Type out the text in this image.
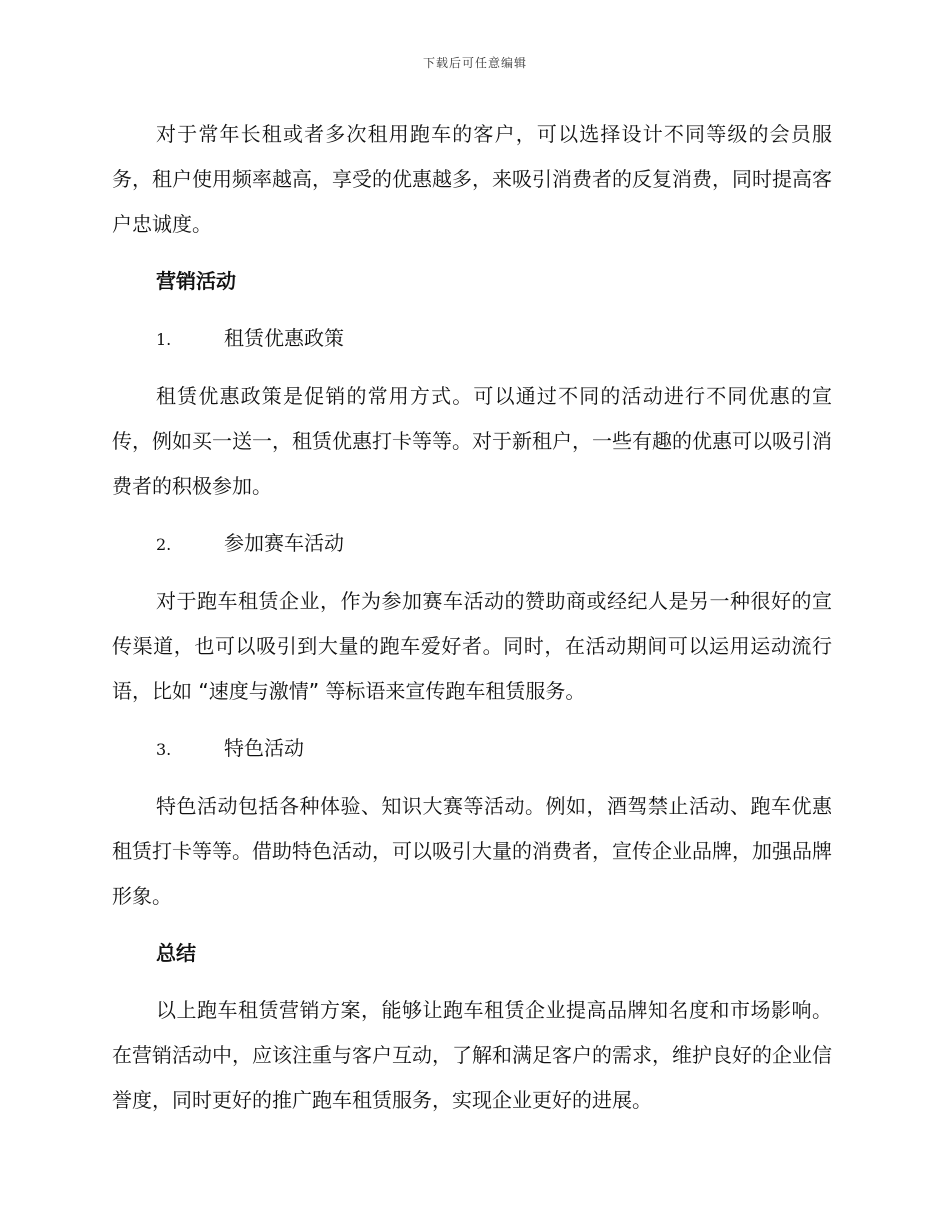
下载后可任意编辑

对于常年长租或者多次租用跑车的客户，可以选择设计不同等级的会员服务，租户使用频率越高，享受的优惠越多，来吸引消费者的反复消费，同时提高客户忠诚度。

营销活动
1.	租赁优惠政策

租赁优惠政策是促销的常用方式。可以通过不同的活动进行不同优惠的宣传，例如买一送一，租赁优惠打卡等等。对于新租户，一些有趣的优惠可以吸引消费者的积极参加。

2.	参加赛车活动

对于跑车租赁企业，作为参加赛车活动的赞助商或经纪人是另一种很好的宣传渠道，也可以吸引到大量的跑车爱好者。同时，在活动期间可以运用运动流行语，比如 “速度与激情” 等标语来宣传跑车租赁服务。

3.	特色活动

特色活动包括各种体验、知识大赛等活动。例如，酒驾禁止活动、跑车优惠租赁打卡等等。借助特色活动，可以吸引大量的消费者，宣传企业品牌，加强品牌形象。

总结

以上跑车租赁营销方案，能够让跑车租赁企业提高品牌知名度和市场影响。在营销活动中，应该注重与客户互动，了解和满足客户的需求，维护良好的企业信誉度，同时更好的推广跑车租赁服务，实现企业更好的进展。
